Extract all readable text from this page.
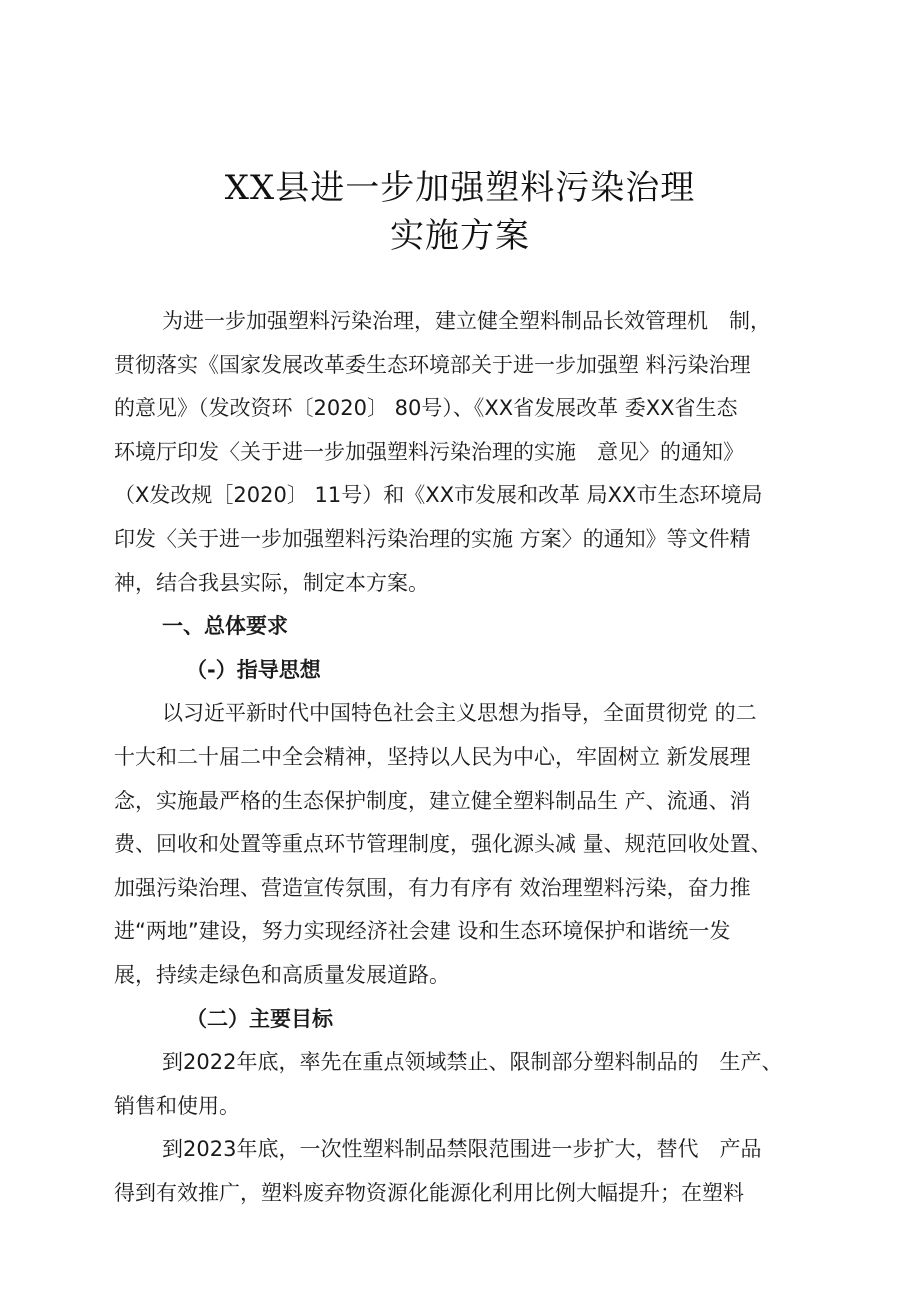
XX县进一步加强塑料污染治理
实施方案
为进一步加强塑料污染治理，建立健全塑料制品长效管理机　制，
贯彻落实《国家发展改革委生态环境部关于进一步加强塑 料污染治理
的意见》（发改资环〔2020〕 80号）、《XX省发展改革 委XX省生态
环境厅印发〈关于进一步加强塑料污染治理的实施　意见〉的通知》
（X发改规［2020〕 11号）和《XX市发展和改革 局XX市生态环境局
印发〈关于进一步加强塑料污染治理的实施 方案〉的通知》等文件精
神，结合我县实际，制定本方案。
一、总体要求
（-）指导思想
以习近平新时代中国特色社会主义思想为指导，全面贯彻党 的二
十大和二十届二中全会精神，坚持以人民为中心，牢固树立 新发展理
念，实施最严格的生态保护制度，建立健全塑料制品生 产、流通、消
费、回收和处置等重点环节管理制度，强化源头减 量、规范回收处置、
加强污染治理、营造宣传氛围，有力有序有 效治理塑料污染，奋力推
进“两地”建设，努力实现经济社会建 设和生态环境保护和谐统一发
展，持续走绿色和高质量发展道路。
（二）主要目标
到2022年底，率先在重点领域禁止、限制部分塑料制品的　生产、
销售和使用。
到2023年底，一次性塑料制品禁限范围进一步扩大，替代　产品
得到有效推广，塑料废弃物资源化能源化利用比例大幅提升；在塑料
